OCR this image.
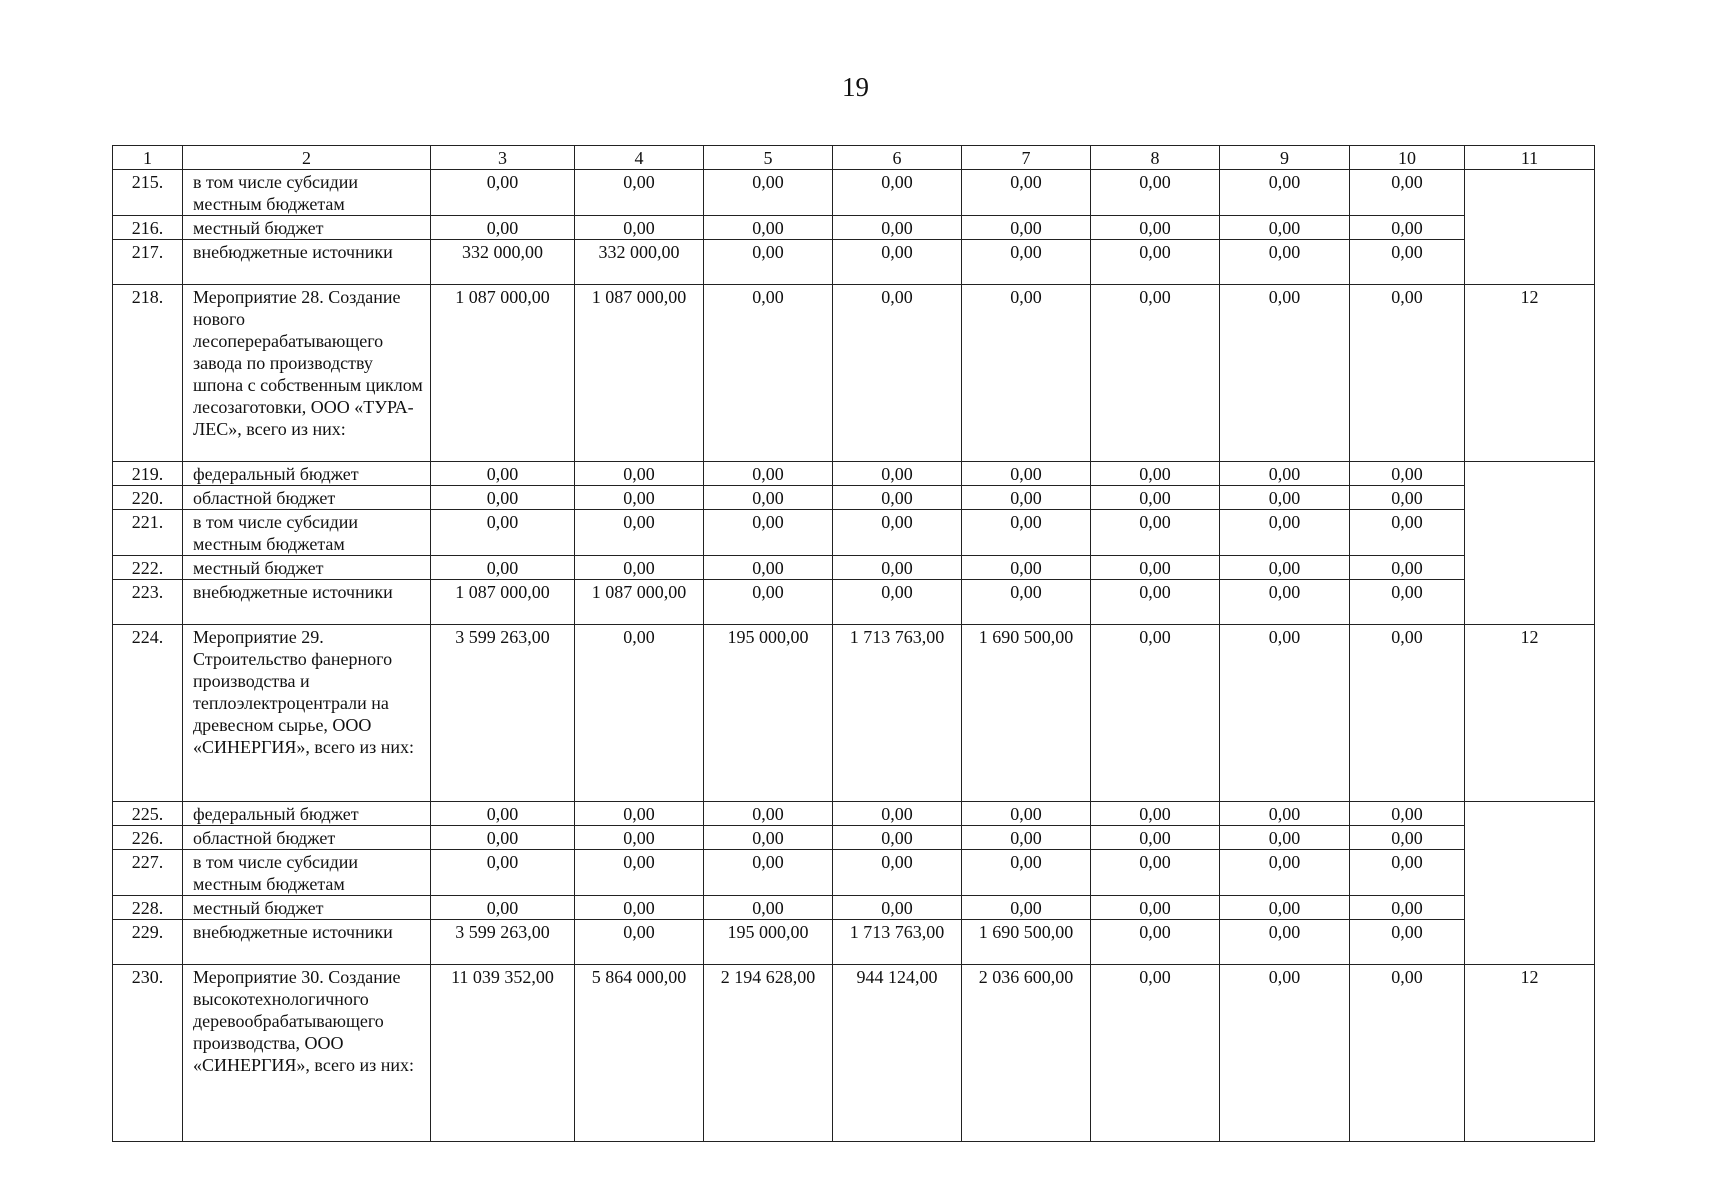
19
1	2	3	4	5	6	7	8	9	10	11
215.	в том числе субсидии местным бюджетам	0,00	0,00	0,00	0,00	0,00	0,00	0,00	0,00	
216.	местный бюджет	0,00	0,00	0,00	0,00	0,00	0,00	0,00	0,00	
217.	внебюджетные источники	332 000,00	332 000,00	0,00	0,00	0,00	0,00	0,00	0,00	
218.	Мероприятие 28. Создание нового лесоперерабатывающего завода по производству шпона с собственным циклом лесозаготовки, ООО «ТУРА-ЛЕС», всего из них:	1 087 000,00	1 087 000,00	0,00	0,00	0,00	0,00	0,00	0,00	12
219.	федеральный бюджет	0,00	0,00	0,00	0,00	0,00	0,00	0,00	0,00	
220.	областной бюджет	0,00	0,00	0,00	0,00	0,00	0,00	0,00	0,00	
221.	в том числе субсидии местным бюджетам	0,00	0,00	0,00	0,00	0,00	0,00	0,00	0,00	
222.	местный бюджет	0,00	0,00	0,00	0,00	0,00	0,00	0,00	0,00	
223.	внебюджетные источники	1 087 000,00	1 087 000,00	0,00	0,00	0,00	0,00	0,00	0,00	
224.	Мероприятие 29. Строительство фанерного производства и теплоэлектроцентрали на древесном сырье, ООО «СИНЕРГИЯ», всего из них:	3 599 263,00	0,00	195 000,00	1 713 763,00	1 690 500,00	0,00	0,00	0,00	12
225.	федеральный бюджет	0,00	0,00	0,00	0,00	0,00	0,00	0,00	0,00	
226.	областной бюджет	0,00	0,00	0,00	0,00	0,00	0,00	0,00	0,00	
227.	в том числе субсидии местным бюджетам	0,00	0,00	0,00	0,00	0,00	0,00	0,00	0,00	
228.	местный бюджет	0,00	0,00	0,00	0,00	0,00	0,00	0,00	0,00	
229.	внебюджетные источники	3 599 263,00	0,00	195 000,00	1 713 763,00	1 690 500,00	0,00	0,00	0,00	
230.	Мероприятие 30. Создание высокотехнологичного деревообрабатывающего производства, ООО «СИНЕРГИЯ», всего из них:	11 039 352,00	5 864 000,00	2 194 628,00	944 124,00	2 036 600,00	0,00	0,00	0,00	12
